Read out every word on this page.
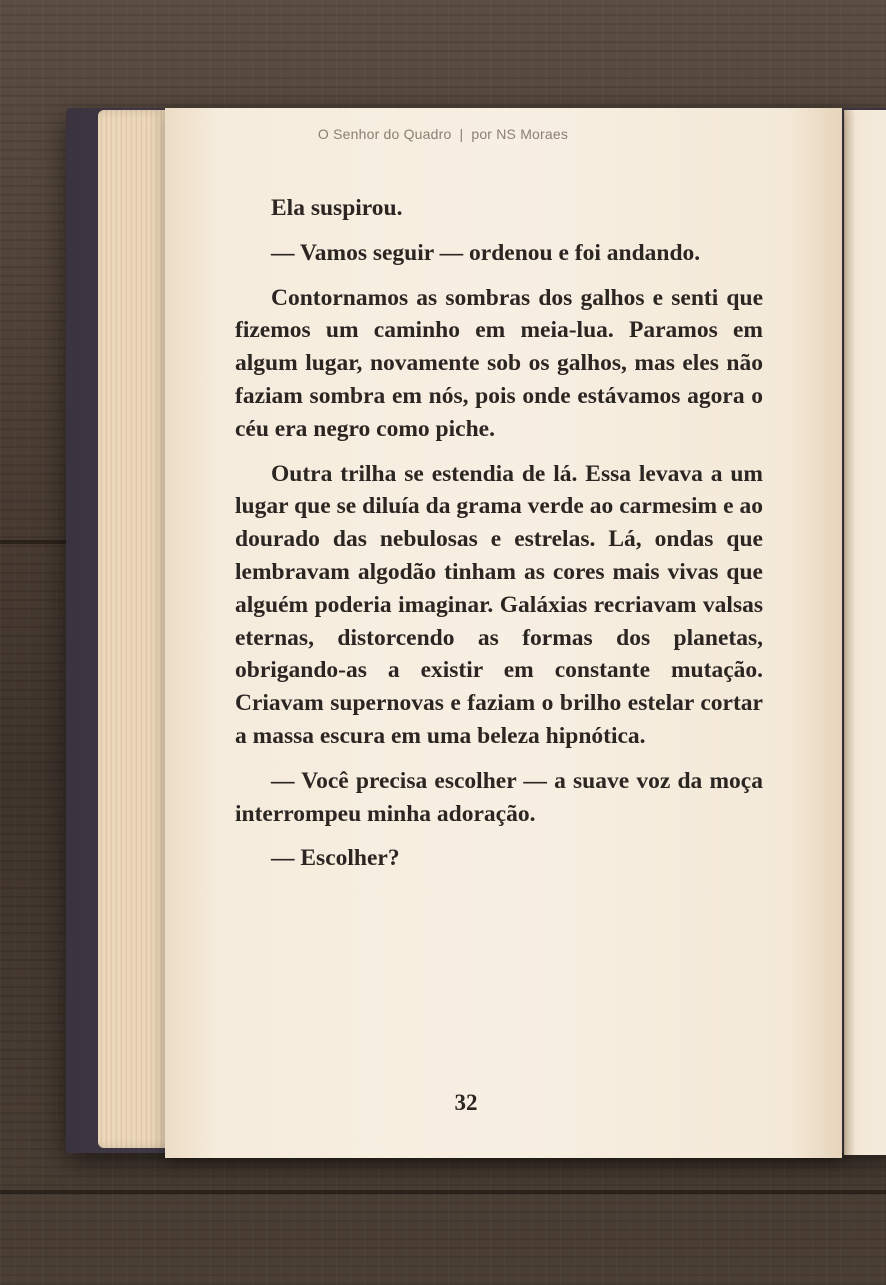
O Senhor do Quadro | por NS Moraes

Ela suspirou.

— Vamos seguir — ordenou e foi andando.

Contornamos as sombras dos galhos e senti que fizemos um caminho em meia-lua. Paramos em algum lugar, novamente sob os galhos, mas eles não faziam sombra em nós, pois onde estávamos agora o céu era negro como piche.

Outra trilha se estendia de lá. Essa levava a um lugar que se diluía da grama verde ao carmesim e ao dourado das nebulosas e estrelas. Lá, ondas que lembravam algodão tinham as cores mais vivas que alguém poderia imaginar. Galáxias recriavam valsas eternas, distorcendo as formas dos planetas, obrigando-as a existir em constante mutação. Criavam supernovas e faziam o brilho estelar cortar a massa escura em uma beleza hipnótica.

— Você precisa escolher — a suave voz da moça interrompeu minha adoração.

— Escolher?

32
